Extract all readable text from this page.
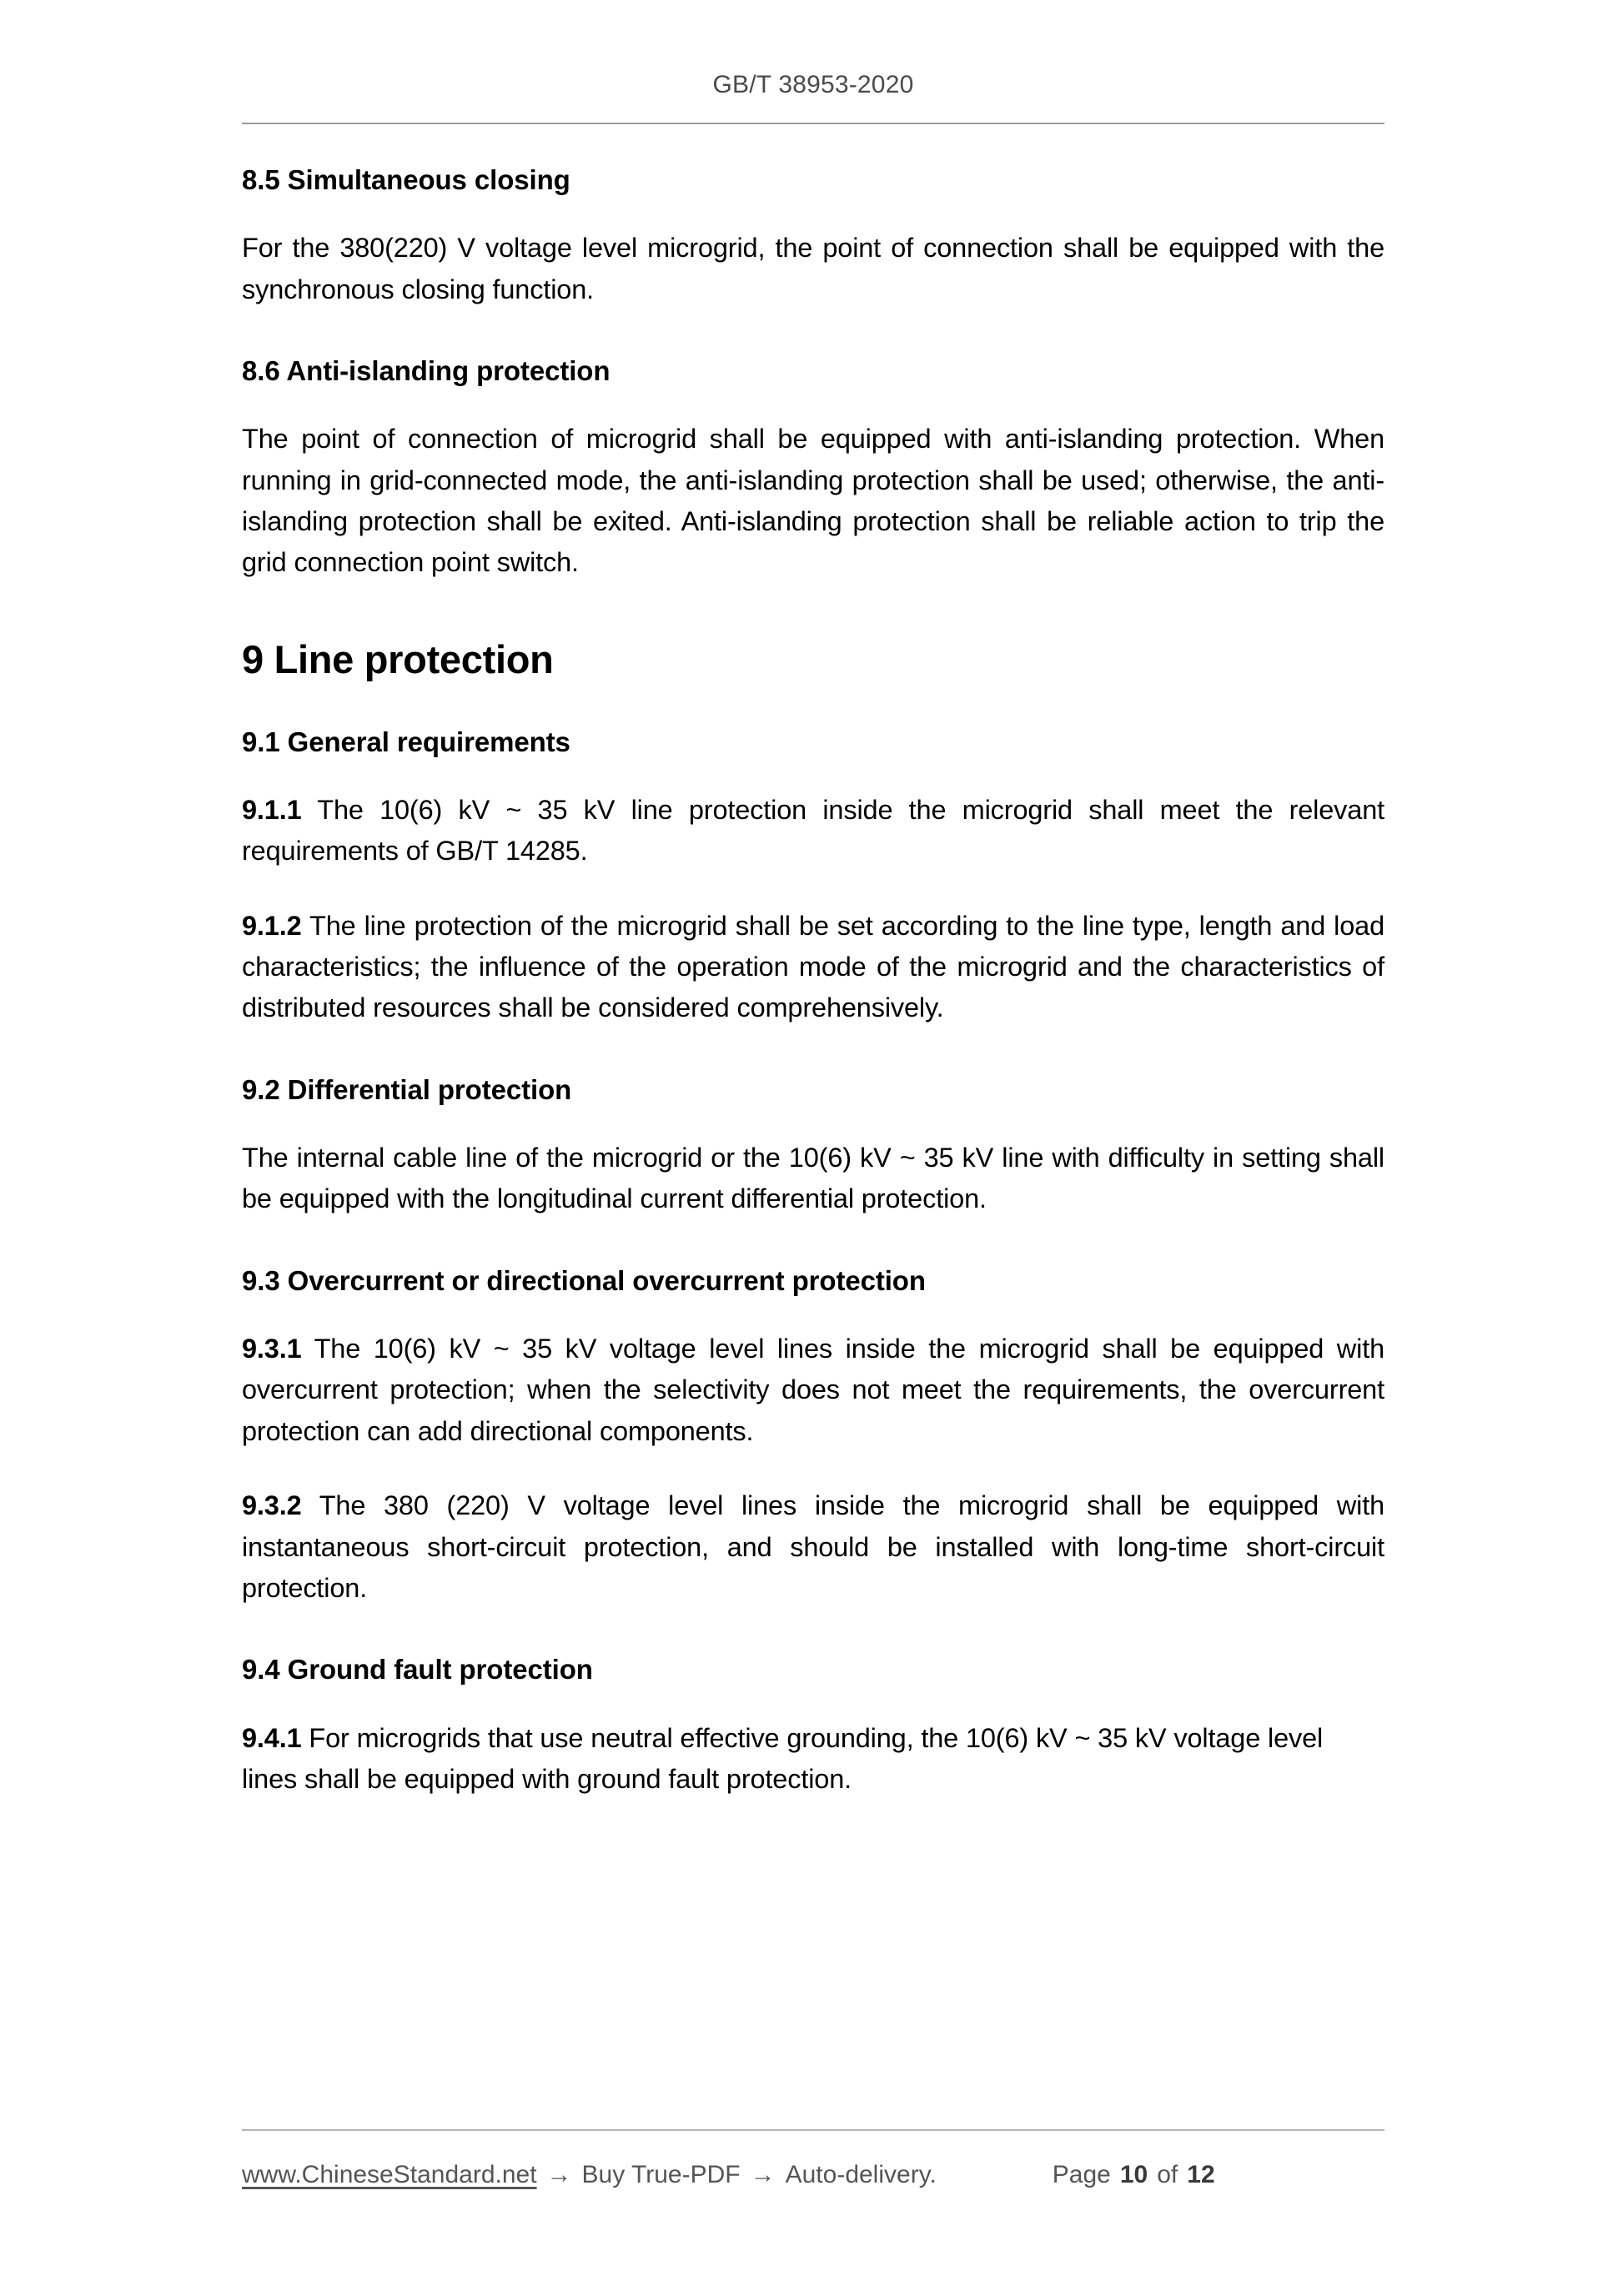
GB/T 38953-2020
8.5 Simultaneous closing

For the 380(220) V voltage level microgrid, the point of connection shall be equipped with the synchronous closing function.

8.6 Anti-islanding protection

The point of connection of microgrid shall be equipped with anti-islanding protection. When running in grid-connected mode, the anti-islanding protection shall be used; otherwise, the anti-islanding protection shall be exited. Anti-islanding protection shall be reliable action to trip the grid connection point switch.

9 Line protection
9.1 General requirements

9.1.1 The 10(6) kV ~ 35 kV line protection inside the microgrid shall meet the relevant requirements of GB/T 14285.

9.1.2 The line protection of the microgrid shall be set according to the line type, length and load characteristics; the influence of the operation mode of the microgrid and the characteristics of distributed resources shall be considered comprehensively.

9.2 Differential protection

The internal cable line of the microgrid or the 10(6) kV ~ 35 kV line with difficulty in setting shall be equipped with the longitudinal current differential protection.

9.3 Overcurrent or directional overcurrent protection

9.3.1 The 10(6) kV ~ 35 kV voltage level lines inside the microgrid shall be equipped with overcurrent protection; when the selectivity does not meet the requirements, the overcurrent protection can add directional components.

9.3.2 The 380 (220) V voltage level lines inside the microgrid shall be equipped with instantaneous short-circuit protection, and should be installed with long-time short-circuit protection.

9.4 Ground fault protection

9.4.1 For microgrids that use neutral effective grounding, the 10(6) kV ~ 35 kV voltage level lines shall be equipped with ground fault protection.

www.ChineseStandard.net → Buy True-PDF → Auto-delivery.	Page 10 of 12
